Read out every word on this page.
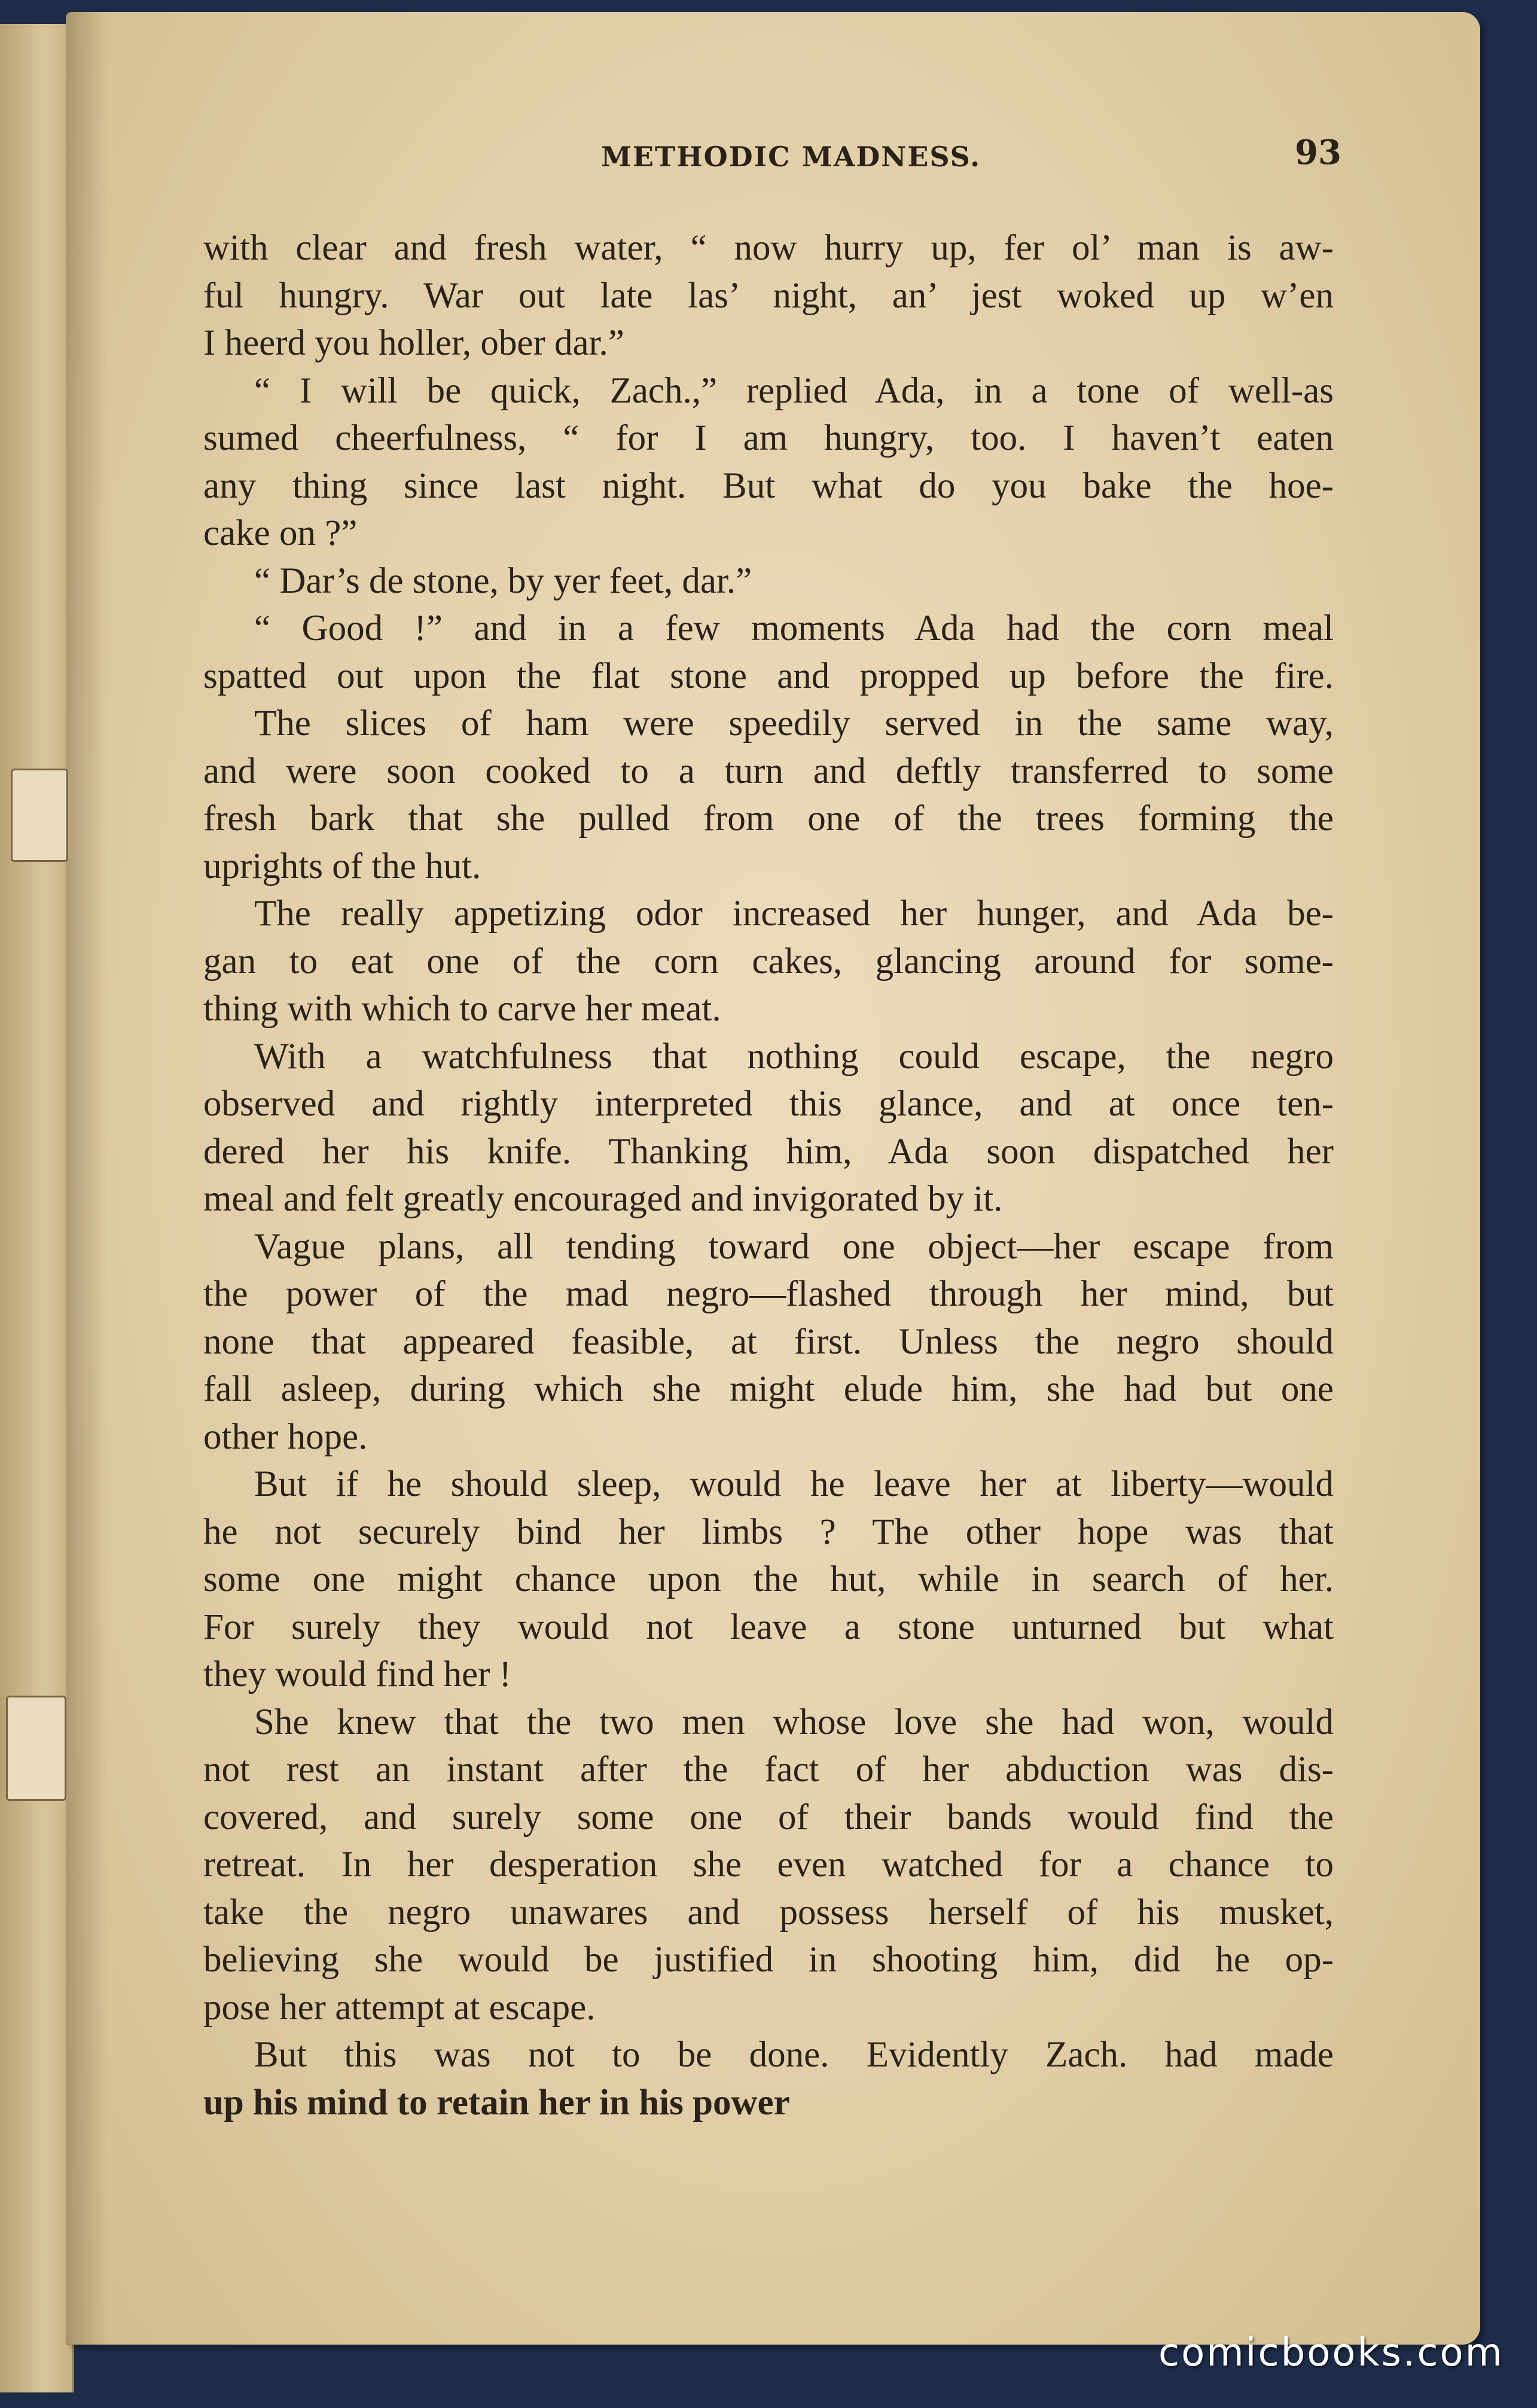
METHODIC MADNESS.	93
with clear and fresh water, “ now hurry up, fer ol’ man is aw-
ful hungry. War out late las’ night, an’ jest woked up w’en
I heerd you holler, ober dar.”
“ I will be quick, Zach.,” replied Ada, in a tone of well-as
sumed cheerfulness, “ for I am hungry, too. I haven’t eaten
any thing since last night. But what do you bake the hoe-
cake on ?”
“ Dar’s de stone, by yer feet, dar.”
“ Good !” and in a few moments Ada had the corn meal
spatted out upon the flat stone and propped up before the fire.
The slices of ham were speedily served in the same way,
and were soon cooked to a turn and deftly transferred to some
fresh bark that she pulled from one of the trees forming the
uprights of the hut.
The really appetizing odor increased her hunger, and Ada be-
gan to eat one of the corn cakes, glancing around for some-
thing with which to carve her meat.
With a watchfulness that nothing could escape, the negro
observed and rightly interpreted this glance, and at once ten-
dered her his knife. Thanking him, Ada soon dispatched her
meal and felt greatly encouraged and invigorated by it.
Vague plans, all tending toward one object—her escape from
the power of the mad negro—flashed through her mind, but
none that appeared feasible, at first. Unless the negro should
fall asleep, during which she might elude him, she had but one
other hope.
But if he should sleep, would he leave her at liberty—would
he not securely bind her limbs ? The other hope was that
some one might chance upon the hut, while in search of her.
For surely they would not leave a stone unturned but what
they would find her !
She knew that the two men whose love she had won, would
not rest an instant after the fact of her abduction was dis-
covered, and surely some one of their bands would find the
retreat. In her desperation she even watched for a chance to
take the negro unawares and possess herself of his musket,
believing she would be justified in shooting him, did he op-
pose her attempt at escape.
But this was not to be done. Evidently Zach. had made
up his mind to retain her in his power
comicbooks.com
